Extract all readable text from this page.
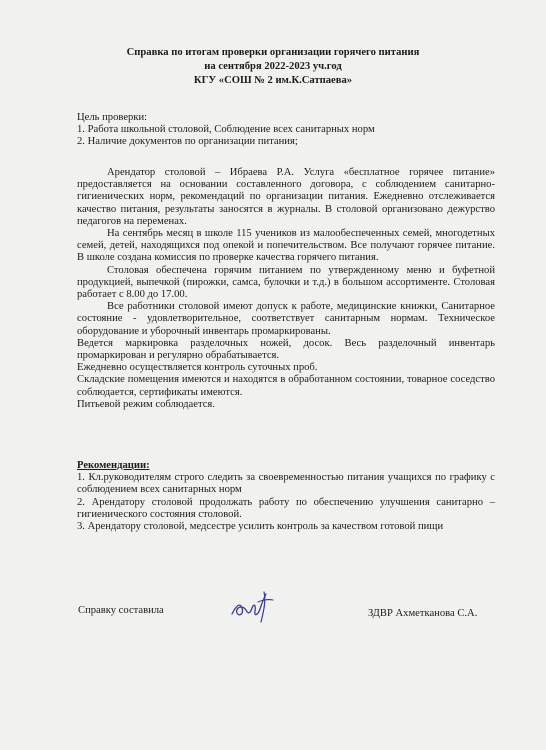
Справка по итогам проверки организации горячего питания
на сентября 2022-2023 уч.год
КГУ «СОШ № 2 им.К.Сатпаева»

Цель проверки:

1. Работа школьной столовой, Соблюдение всех санитарных норм
2. Наличие документов по организации питания;

Арендатор столовой – Ибраева Р.А. Услуга «бесплатное горячее питание» предоставляется на основании составленного договора, с соблюдением санитарно-гигиенических норм, рекомендаций по организации питания. Ежедневно отслеживается качество питания, результаты заносятся в журналы. В столовой организовано дежурство педагогов на переменах.

На сентябрь месяц в школе 115 учеников из малообеспеченных семей, многодетных семей, детей, находящихся под опекой и попечительством. Все получают горячее питание. В школе создана комиссия по проверке качества горячего питания.

Столовая обеспечена горячим питанием по утвержденному меню и буфетной продукцией, выпечкой (пирожки, самса, булочки и т.д.) в большом ассортименте. Столовая работает с 8.00 до 17.00.

Все работники столовой имеют допуск к работе, медицинские книжки, Санитарное состояние - удовлетворительное, соответствует санитарным нормам. Техническое оборудование и уборочный инвентарь промаркированы.

Ведется маркировка разделочных ножей, досок. Весь разделочный инвентарь промаркирован и регулярно обрабатывается.

Ежедневно осуществляется контроль суточных проб.

Складские помещения имеются и находятся в обработанном состоянии, товарное соседство соблюдается, сертификаты имеются.

Питьевой режим соблюдается.

Рекомендации:

1. Кл.руководителям строго следить за своевременностью питания учащихся по графику с соблюдением всех санитарных норм

2. Арендатору столовой продолжать работу по обеспечению улучшения санитарно – гигиенического состояния столовой.

3. Арендатору столовой, медсестре усилить контроль за качеством готовой пищи

Справку составила	ЗДВР Ахметканова С.А.
